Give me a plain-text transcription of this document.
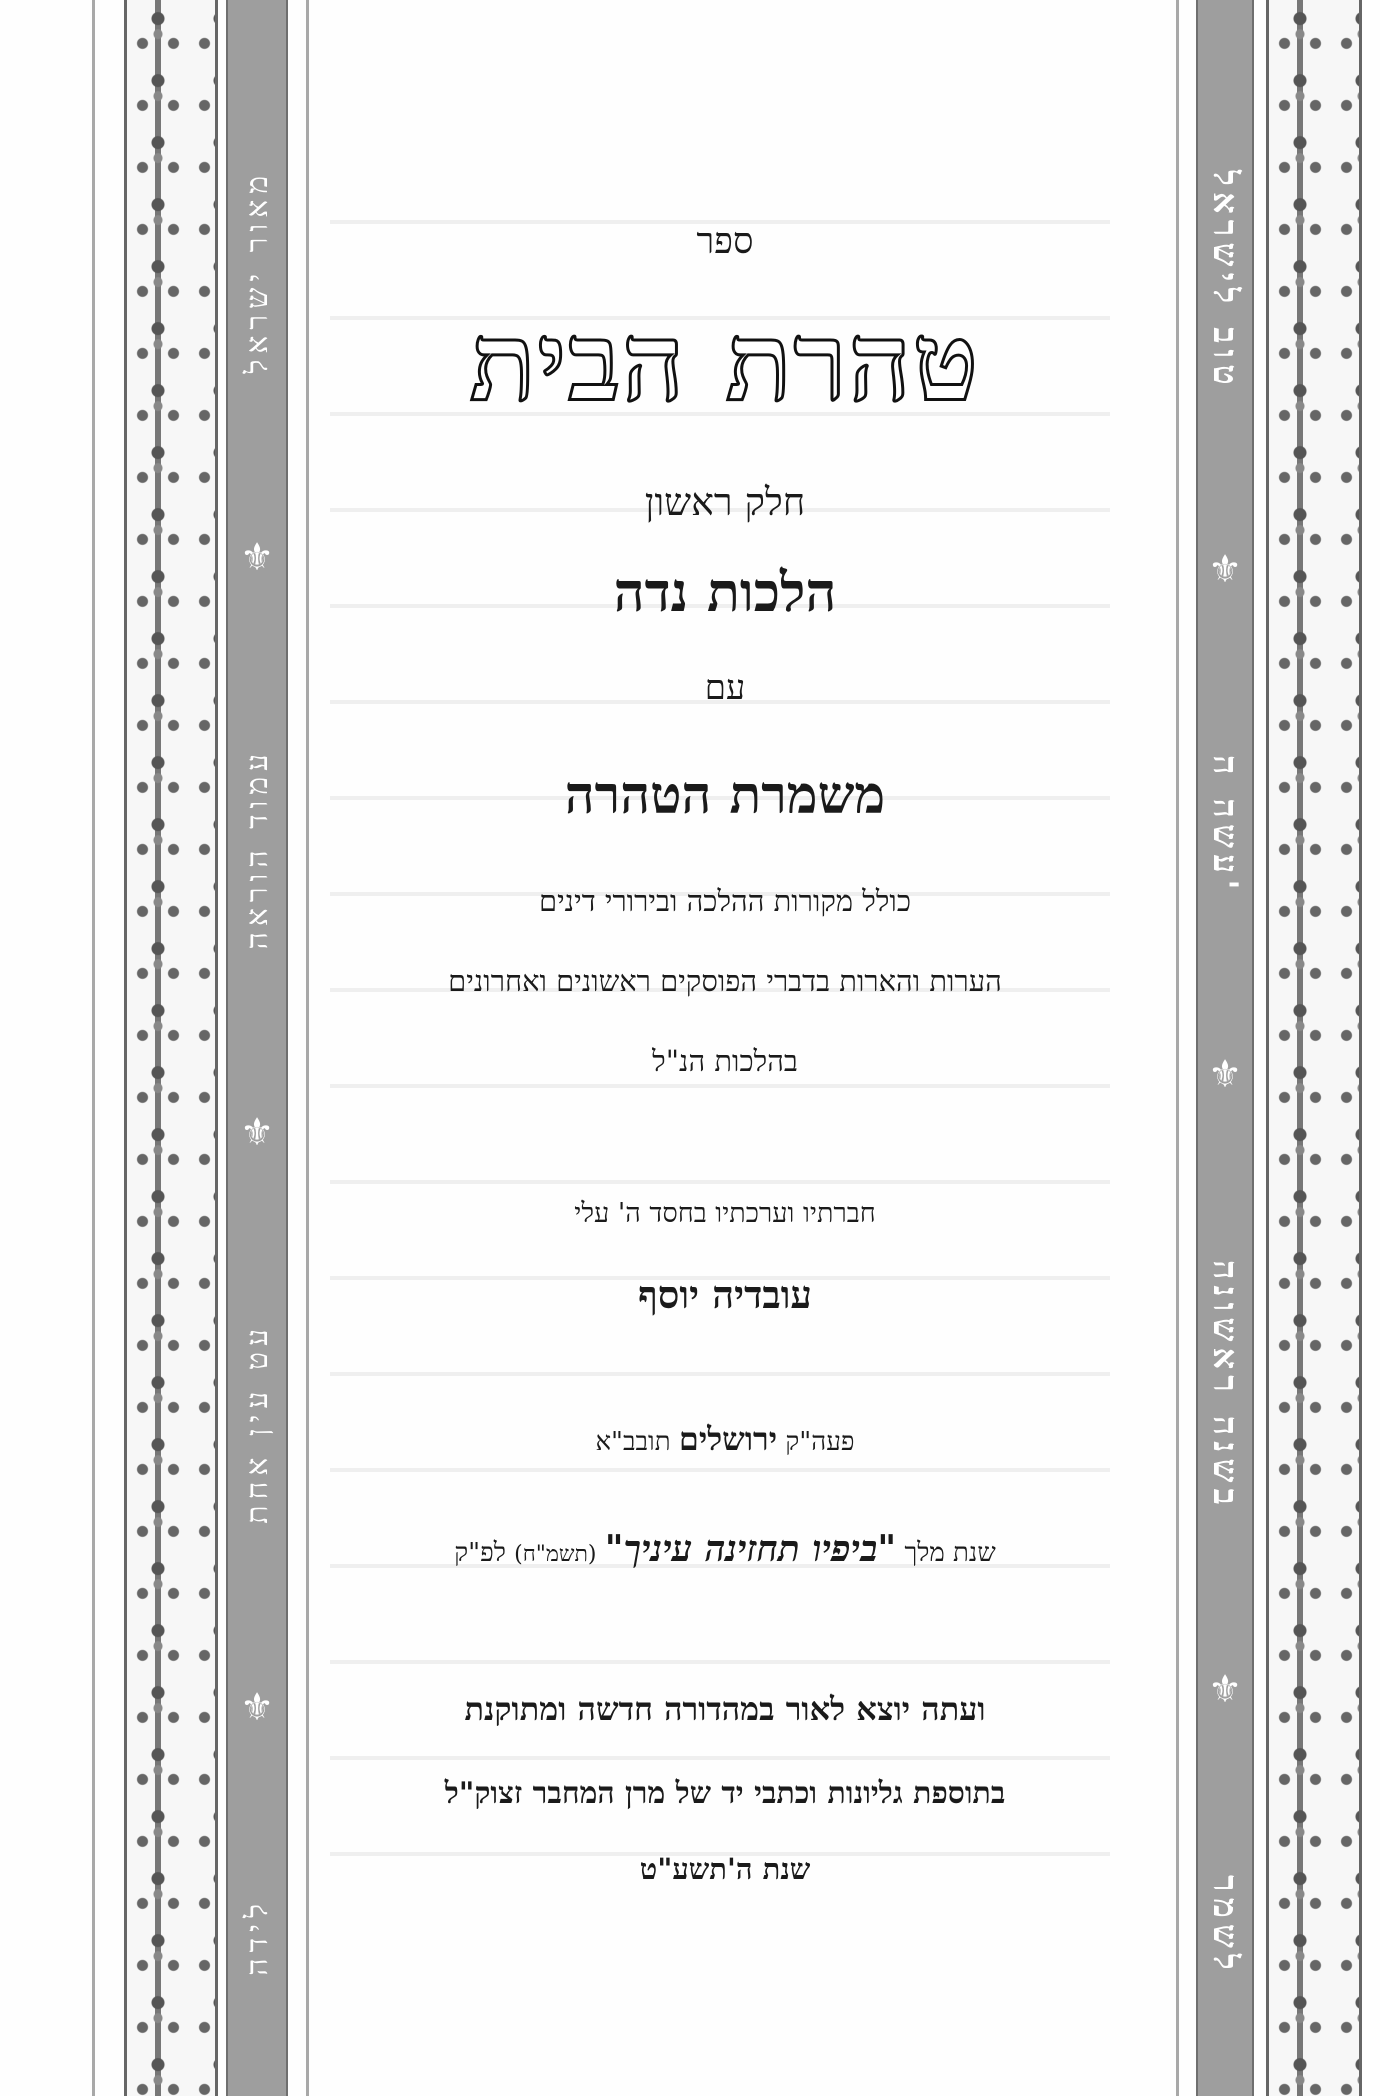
מאור ישראל
⚜
עמוד הוראה
⚜
עט עין אחת
⚜
לידה
טוב לישראל
⚜
עשה ה'
⚜
בשנה ראשונה
⚜
לשמר
ספר
טהרת הבית
חלק ראשון
הלכות נדה
עם
משמרת הטהרה
כולל מקורות ההלכה ובירורי דינים
הערות והארות בדברי הפוסקים ראשונים ואחרונים
בהלכות הנ"ל
חברתיו וערכתיו בחסד ה' עלי
עובדיה יוסף
פעה"ק ירושלים תובב"א
שנת מלך "ביפיו תחזינה עיניך" (תשמ"ח) לפ"ק
ועתה יוצא לאור במהדורה חדשה ומתוקנת
בתוספת גליונות וכתבי יד של מרן המחבר זצוק"ל
שנת ה'תשע"ט
